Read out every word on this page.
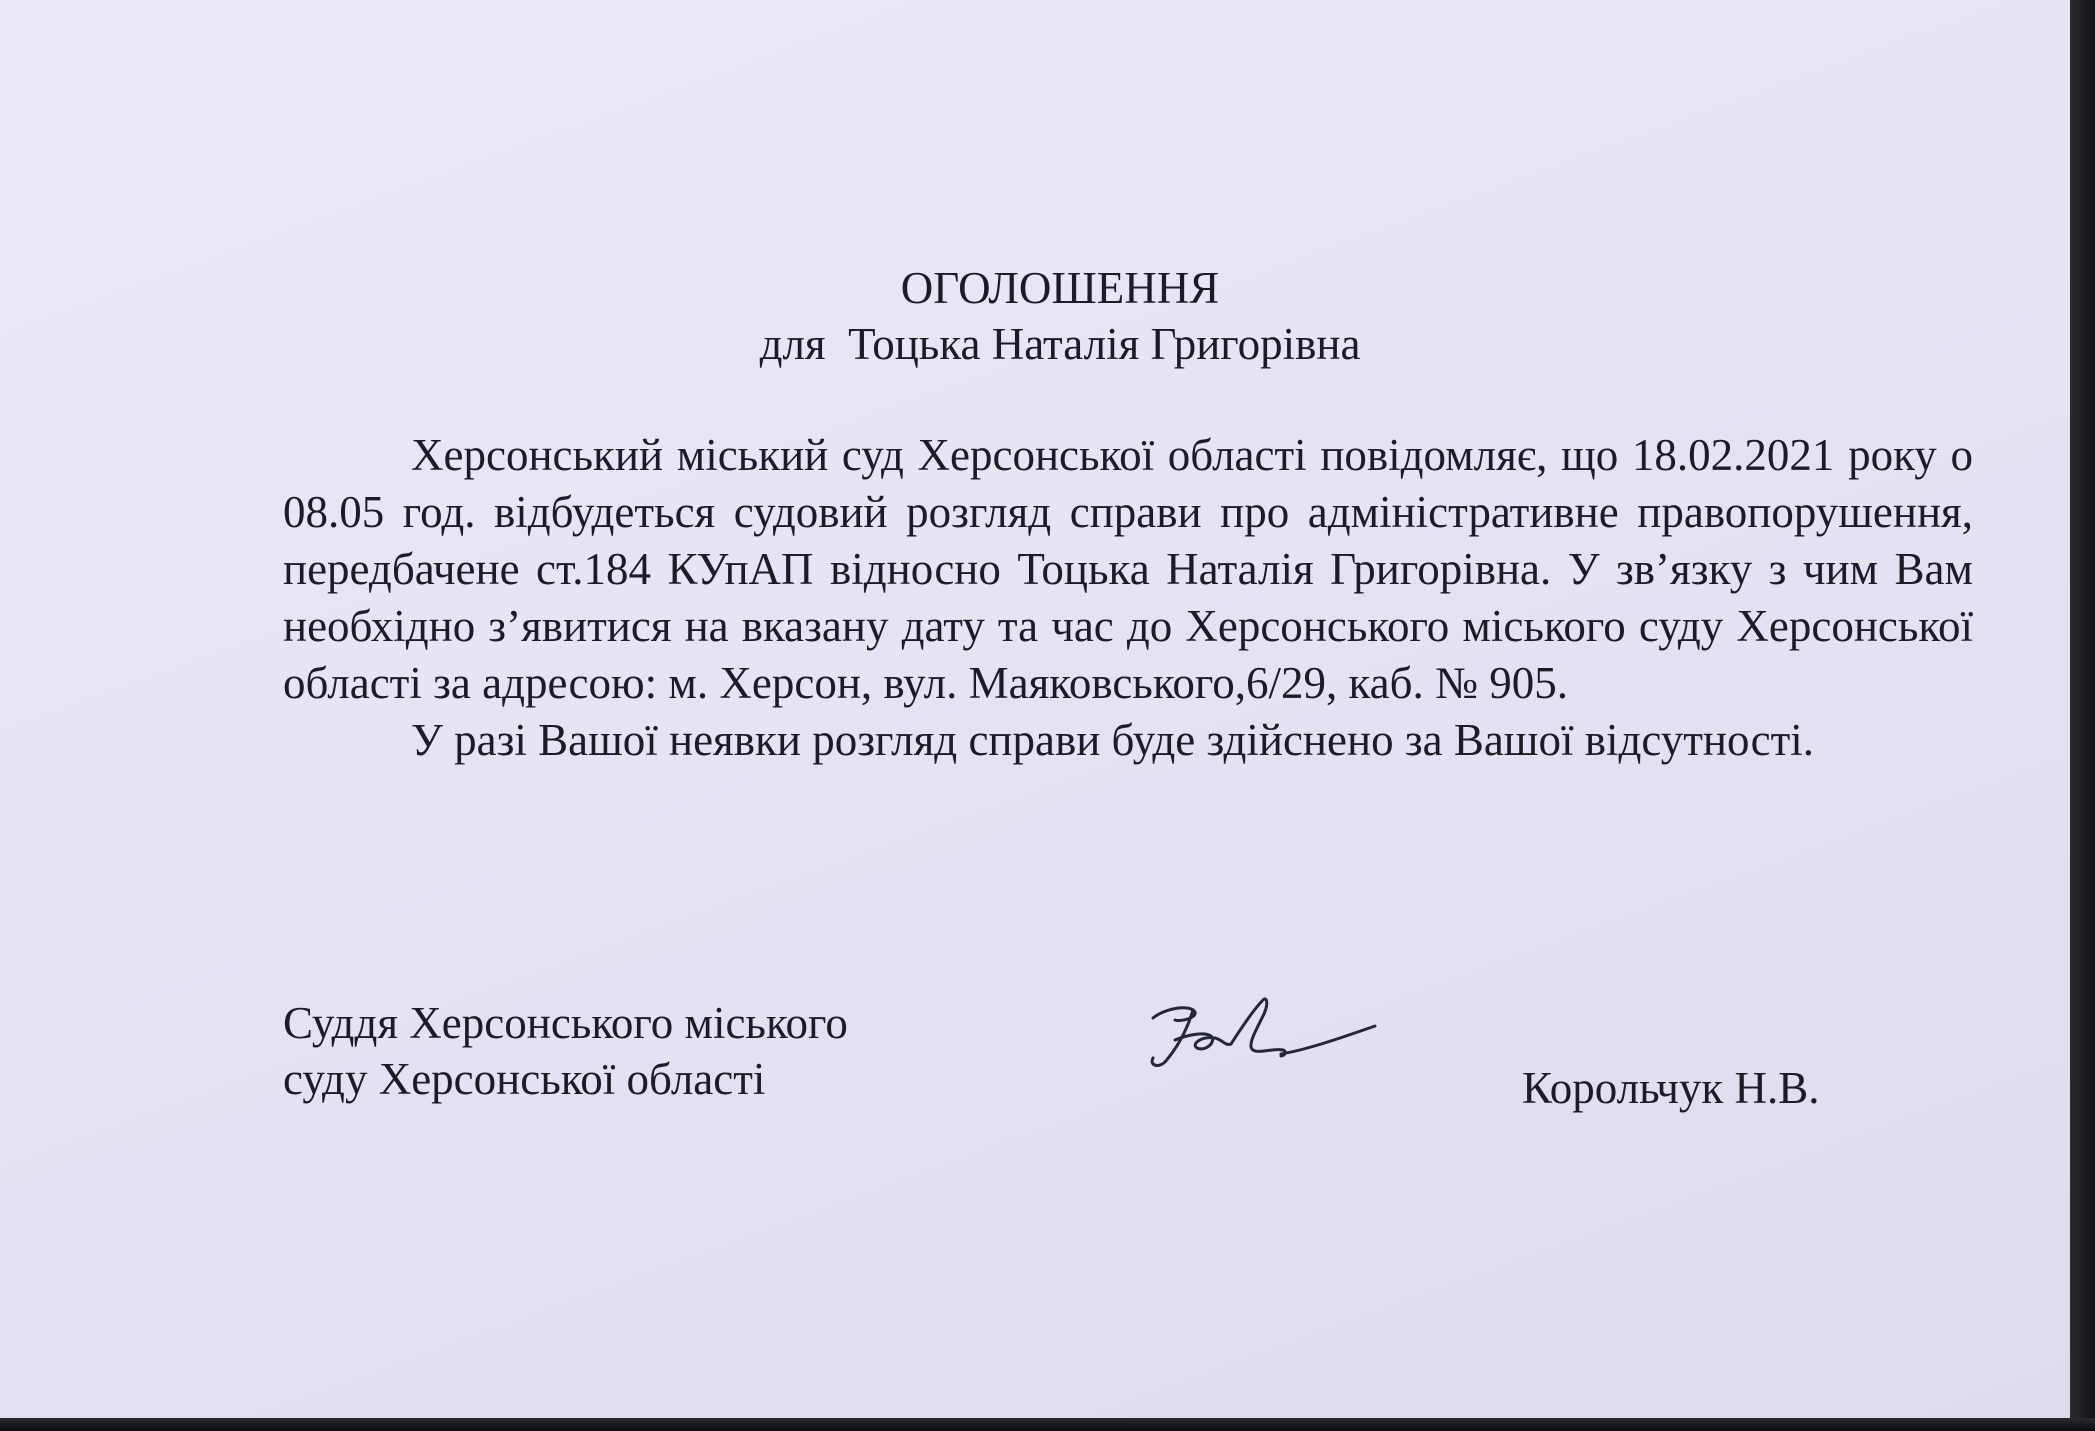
ОГОЛОШЕННЯ
для  Тоцька Наталія Григорівна

Херсонський міський суд Херсонської області повідомляє, що 18.02.2021 року о 08.05 год. відбудеться судовий розгляд справи про адміністративне правопорушення, передбачене ст.184 КУпАП відносно Тоцька Наталія Григорівна. У зв’язку з чим Вам необхідно з’явитися на вказану дату та час до Херсонського міського суду Херсонської області за адресою: м. Херсон, вул. Маяковського,6/29, каб. № 905.

У разі Вашої неявки розгляд справи буде здійснено за Вашої відсутності.

Суддя Херсонського міського
суду Херсонської області	Корольчук Н.В.
